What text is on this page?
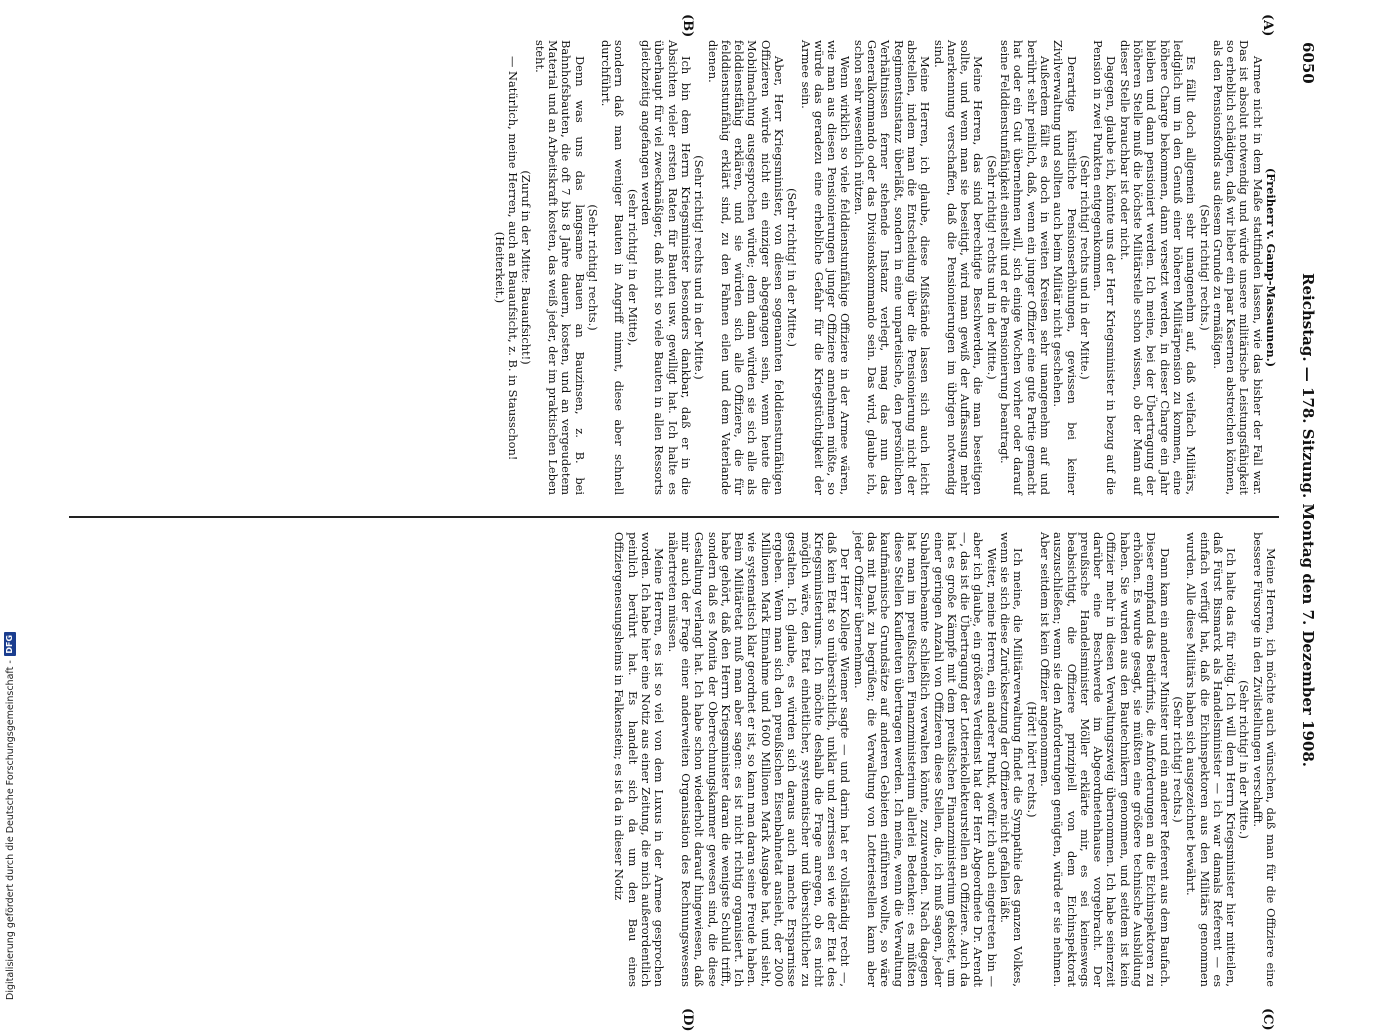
6050
Reichstag. — 178. Sitzung. Montag den 7. Dezember 1908.
(A)
(B)
(C)
(D)

(Freiherr v. Gamp-Massaunen.)

Armee nicht in dem Maße stattfinden lassen, wie das bisher der Fall war. Das ist absolut notwendig und würde unsere militärische Leistungsfähigkeit so erheblich schädigen, daß wir lieber ein paar Kasernen abstreichen können, als den Pensionsfonds aus diesem Grunde zu ermäßigen.

(Sehr richtig! rechts.)

Es fällt doch allgemein sehr unangenehm auf, daß vielfach Militärs, lediglich um in den Genuß einer höheren Militärpension zu kommen, eine höhere Charge bekommen, dann versetzt werden, in dieser Charge ein Jahr bleiben und dann pensioniert werden. Ich meine, bei der Übertragung der höheren Stelle muß die höchste Militärstelle schon wissen, ob der Mann auf dieser Stelle brauchbar ist oder nicht.

Dagegen, glaube ich, könnte uns der Herr Kriegsminister in bezug auf die Pension in zwei Punkten entgegenkommen.

(Sehr richtig! rechts und in der Mitte.)

Derartige künstliche Pensionserhöhungen, gewissen bei keiner Zivilverwaltung und sollten auch beim Militär nicht geschehen.

Außerdem fällt es doch in weiten Kreisen sehr unangenehm auf und berührt sehr peinlich, daß, wenn ein junger Offizier eine gute Partie gemacht hat oder ein Gut übernehmen will, sich einige Wochen vorher oder darauf seine Felddienstunfähigkeit einstellt und er die Pensionierung beantragt.

(Sehr richtig! rechts und in der Mitte.)

Meine Herren, das sind berechtigte Beschwerden, die man beseitigen sollte, und wenn man sie beseitigt, wird man gewiß der Auffassung mehr Anerkennung verschaffen, daß die Pensionierungen im übrigen notwendig sind.

Meine Herren, ich glaube, diese Mißstände lassen sich auch leicht abstellen, indem man die Entscheidung über die Pensionierung nicht der Regimentsinstanz überläßt, sondern in eine unparteiische, den persönlichen Verhältnissen ferner stehende Instanz verlegt, mag das nun das Generalkommando oder das Divisionskommando sein. Das wird, glaube ich, schon sehr wesentlich nützen.

Wenn wirklich so viele felddienstunfähige Offiziere in der Armee wären, wie man aus diesen Pensionierungen junger Offiziere annehmen müßte, so würde das geradezu eine erhebliche Gefahr für die Kriegstüchtigkeit der Armee sein.

(Sehr richtig! in der Mitte.)

Aber, Herr Kriegsminister, von diesen sogenannten felddienstunfähigen Offizieren würde nicht ein einziger abgegangen sein, wenn heute die Mobilmachung ausgesprochen würde; denn dann würden sie sich alle als felddienstfähig erklären, und sie würden sich alle Offiziere, die für felddienstunfähig erklärt sind, zu den Fahnen eilen und dem Vaterlande dienen.

(Sehr richtig! rechts und in der Mitte.)

Ich bin dem Herrn Kriegsminister besonders dankbar, daß er in die Absichten vieler ersten Raten für Bauten usw. gewilligt hat. Ich halte es überhaupt für viel zweckmäßiger, daß nicht so viele Bauten in allen Ressorts gleichzeitig angefangen werden

(sehr richtig! in der Mitte),

sondern daß man weniger Bauten in Angriff nimmt, diese aber schnell durchführt.

(Sehr richtig! rechts.)

Denn was uns das langsame Bauen an Bauzinsen, z. B. bei Bahnhofsbauten, die oft 7 bis 8 Jahre dauern, kosten, und an vergeudetem Material und an Arbeitskraft kosten, das weiß jeder, der im praktischen Leben steht.

(Zuruf in der Mitte: Bauaufsicht!)

— Natürlich, meine Herren, auch an Bauaufsicht, z. B. in Stausschon!

(Heiterkeit.)

Meine Herren, ich möchte auch wünschen, daß man für die Offiziere eine bessere Fürsorge in den Zivilstellungen verschafft.

(Sehr richtig! in der Mitte.)

Ich halte das für nötig. Ich will dem Herrn Kriegsminister hier mitteilen, daß Fürst Bismarck als Handelsminister — ich war damals Referent — es einfach verfügt hat, daß die Eichinspektoren aus den Militärs genommen wurden. Alle diese Militärs haben sich ausgezeichnet bewährt.

(Sehr richtig! rechts.)

Dann kam ein anderer Minister und ein anderer Referent aus dem Baufach. Dieser empfand das Bedürfnis, die Anforderungen an die Eichinspektoren zu erhöhen. Es wurde gesagt, sie müßten eine größere technische Ausbildung haben. Sie wurden aus den Bautechnikern genommen, und seitdem ist kein Offizier mehr in diesen Verwaltungszweig übernommen. Ich habe seinerzeit darüber eine Beschwerde im Abgeordnetenhause vorgebracht. Der preußische Handelsminister Möller erklärte mir, es sei keineswegs beabsichtigt, die Offiziere prinzipiell von dem Eichinspektorat auszuschließen; wenn sie den Anforderungen genügten, würde er sie nehmen. Aber seitdem ist kein Offizier angenommen.

(Hört! hört! rechts.)

Ich meine, die Militärverwaltung findet die Sympathie des ganzen Volkes, wenn sie sich diese Zurücksetzung der Offiziere nicht gefallen läßt.

Weiter, meine Herren, ein anderer Punkt, wofür ich auch eingetreten bin — aber ich glaube, ein größeres Verdienst hat der Herr Abgeordnete Dr. Arendt —, das ist die Übertragung der Lotteriekollekteurstellen an Offiziere. Auch da hat es große Kämpfe mit dem preußischen Finanzministerium gekostet, um einer geringen Anzahl von Offizieren diese Stellen, die, ich muß sagen, jeder Subalternbeamte schließlich verwalten könnte, zuzuwenden. Nach dagegen hat man im preußischen Finanzministerium allerlei Bedenken: es müßten diese Stellen Kaufleuten übertragen werden. Ich meine, wenn die Verwaltung kaufmännische Grundsätze auf anderen Gebieten einführen wollte, so wäre das mit Dank zu begrüßen; die Verwaltung von Lotteriestellen kann aber jeder Offizier übernehmen.

Der Herr Kollege Wiemer sagte — und darin hat er vollständig recht —, daß kein Etat so unübersichtlich, unklar und zerrissen sei wie der Etat des Kriegsministeriums. Ich möchte deshalb die Frage anregen, ob es nicht möglich wäre, den Etat einheitlicher, systematischer und übersichtlicher zu gestalten. Ich glaube, es würden sich daraus auch manche Ersparnisse ergeben. Wenn man sich den preußischen Eisenbahnetat ansieht, der 2000 Millionen Mark Einnahme und 1600 Millionen Mark Ausgabe hat, und sieht, wie systematisch klar geordnet er ist, so kann man daran seine Freude haben. Beim Militäretat muß man aber sagen: es ist nicht richtig organisiert. Ich habe gehört, daß den Herrn Kriegsminister daran die wenigste Schuld trifft, sondern daß es Monita der Oberrechnungskammer gewesen sind, die diese Gestaltung verlangt hat. Ich habe schon wiederholt darauf hingewiesen, daß mir auch der Frage einer anderweiten Organisation des Rechnungswesens nähertreten müssen.

Meine Herren, es ist so viel von dem Luxus in der Armee gesprochen worden. Ich habe hier eine Notiz aus einer Zeitung, die mich außerordentlich peinlich berührt hat. Es handelt sich da um den Bau eines Offiziergenesungsheims in Falkenstein; es ist da in dieser Notiz

Digitalisierung gefördert durch die Deutsche Forschungsgemeinschaft -
DFG
